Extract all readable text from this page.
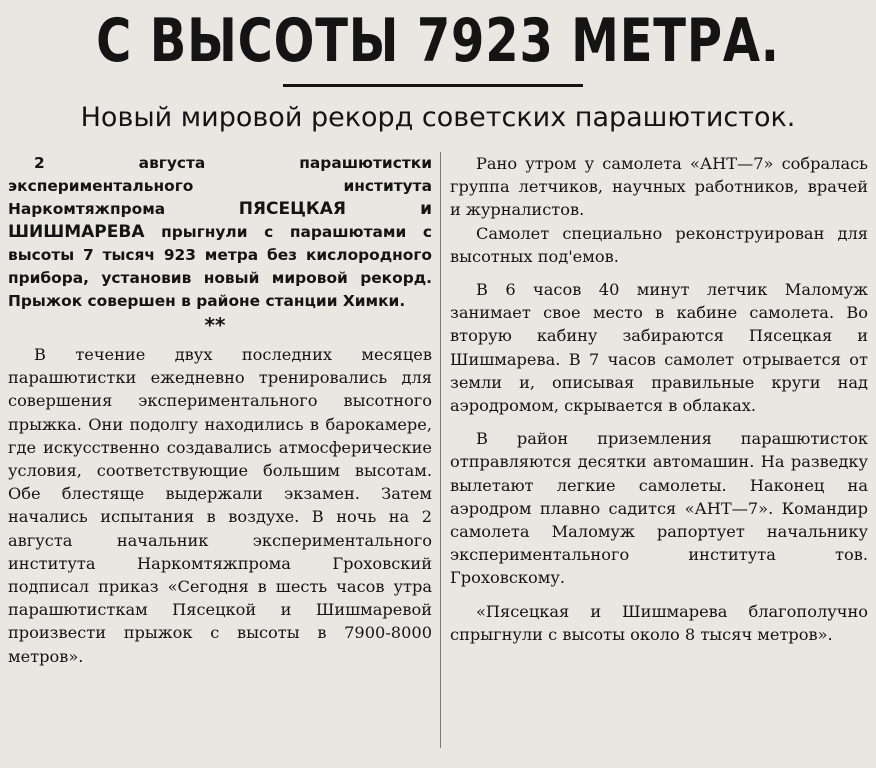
С ВЫСОТЫ 7923 МЕТРА.
Новый мировой рекорд советских парашютисток.

2 августа парашютистки экспериментального института Наркомтяжпрома	ПЯСЕЦКАЯ и ШИШМАРЕВА прыгнули с парашютами с высоты 7 тысяч 923 метра без кислородного прибора, установив новый мировой рекорд. Прыжок совершен в районе станции Химки.

**

В течение двух последних месяцев парашютистки ежедневно тренировались для совершения экспериментального высотного прыжка. Они подолгу находились в барокамере, где искусственно создавались атмосферические условия, соответствующие большим высотам. Обе блестяще выдержали экзамен. Затем начались испытания в воздухе. В ночь на 2 августа начальник экспериментального института Наркомтяжпрома Гроховский подписал приказ «Сегодня в шесть часов утра парашютисткам Пясецкой и Шишмаревой произвести прыжок с высоты в 7900-8000 метров».

Рано утром у самолета «АНТ—7» собралась группа летчиков, научных работников, врачей и журналистов.

Самолет специально реконструирован для высотных под'емов.

В 6 часов 40 минут летчик Маломуж занимает свое место в кабине самолета. Во вторую кабину забираются Пясецкая и Шишмарева. В 7 часов самолет отрывается от земли и, описывая правильные круги над аэродромом, скрывается в облаках.

В район приземления парашютисток отправляются десятки автомашин. На разведку вылетают легкие самолеты. Наконец на аэродром плавно садится «АНТ—7». Командир самолета Маломуж рапортует начальнику экспериментального института тов. Гроховскому.

«Пясецкая и Шишмарева благополучно спрыгнули с высоты около 8 тысяч метров».
